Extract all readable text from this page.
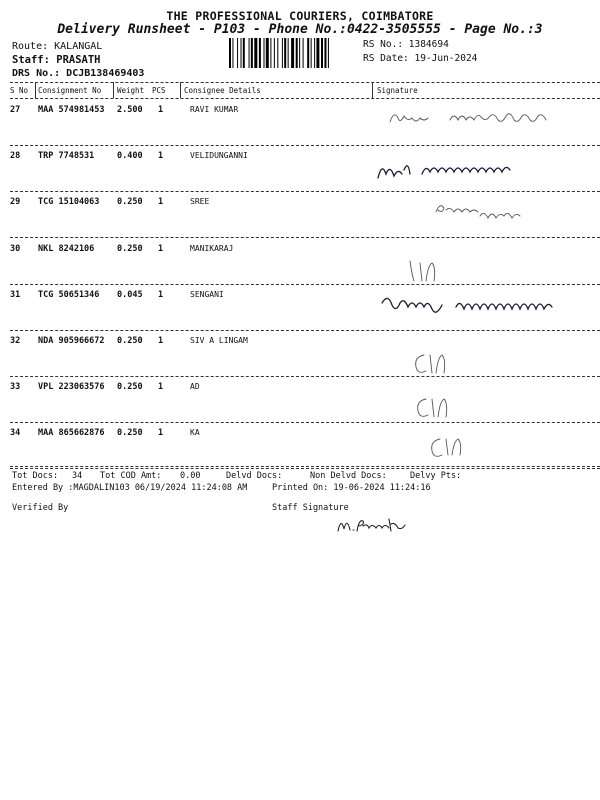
THE PROFESSIONAL COURIERS, COIMBATORE
Delivery Runsheet - P103 - Phone No.:0422-3505555 - Page No.:3
Route: KALANGAL
Staff: PRASATH
DRS No.: DCJB138469403
RS No.: 1384694
RS Date: 19-Jun-2024
S No Consignment No Weight PCS Consignee Details	Signature
27 MAA 574981453 2.500 1	RAVI KUMAR
28 TRP 7748531	0.400 1	VELIDUNGANNI
29 TCG 15104063 0.250 1	SREE
30 NKL 8242106	0.250 1	MANIKARAJ
31 TCG 50651346 0.045 1	SENGANI
32 NDA 905966672 0.250 1	SIV A LINGAM
33 VPL 223063576 0.250 1	AD
34 MAA 865662876 0.250 1	KA
Tot Docs: 34 Tot COD Amt: 0.00	Delvd Docs:	Non Delvd Docs:	Delvy Pts:
Entered By :MAGDALIN103 06/19/2024 11:24:08 AM	Printed On: 19-06-2024 11:24:16
Verified By	Staff Signature
